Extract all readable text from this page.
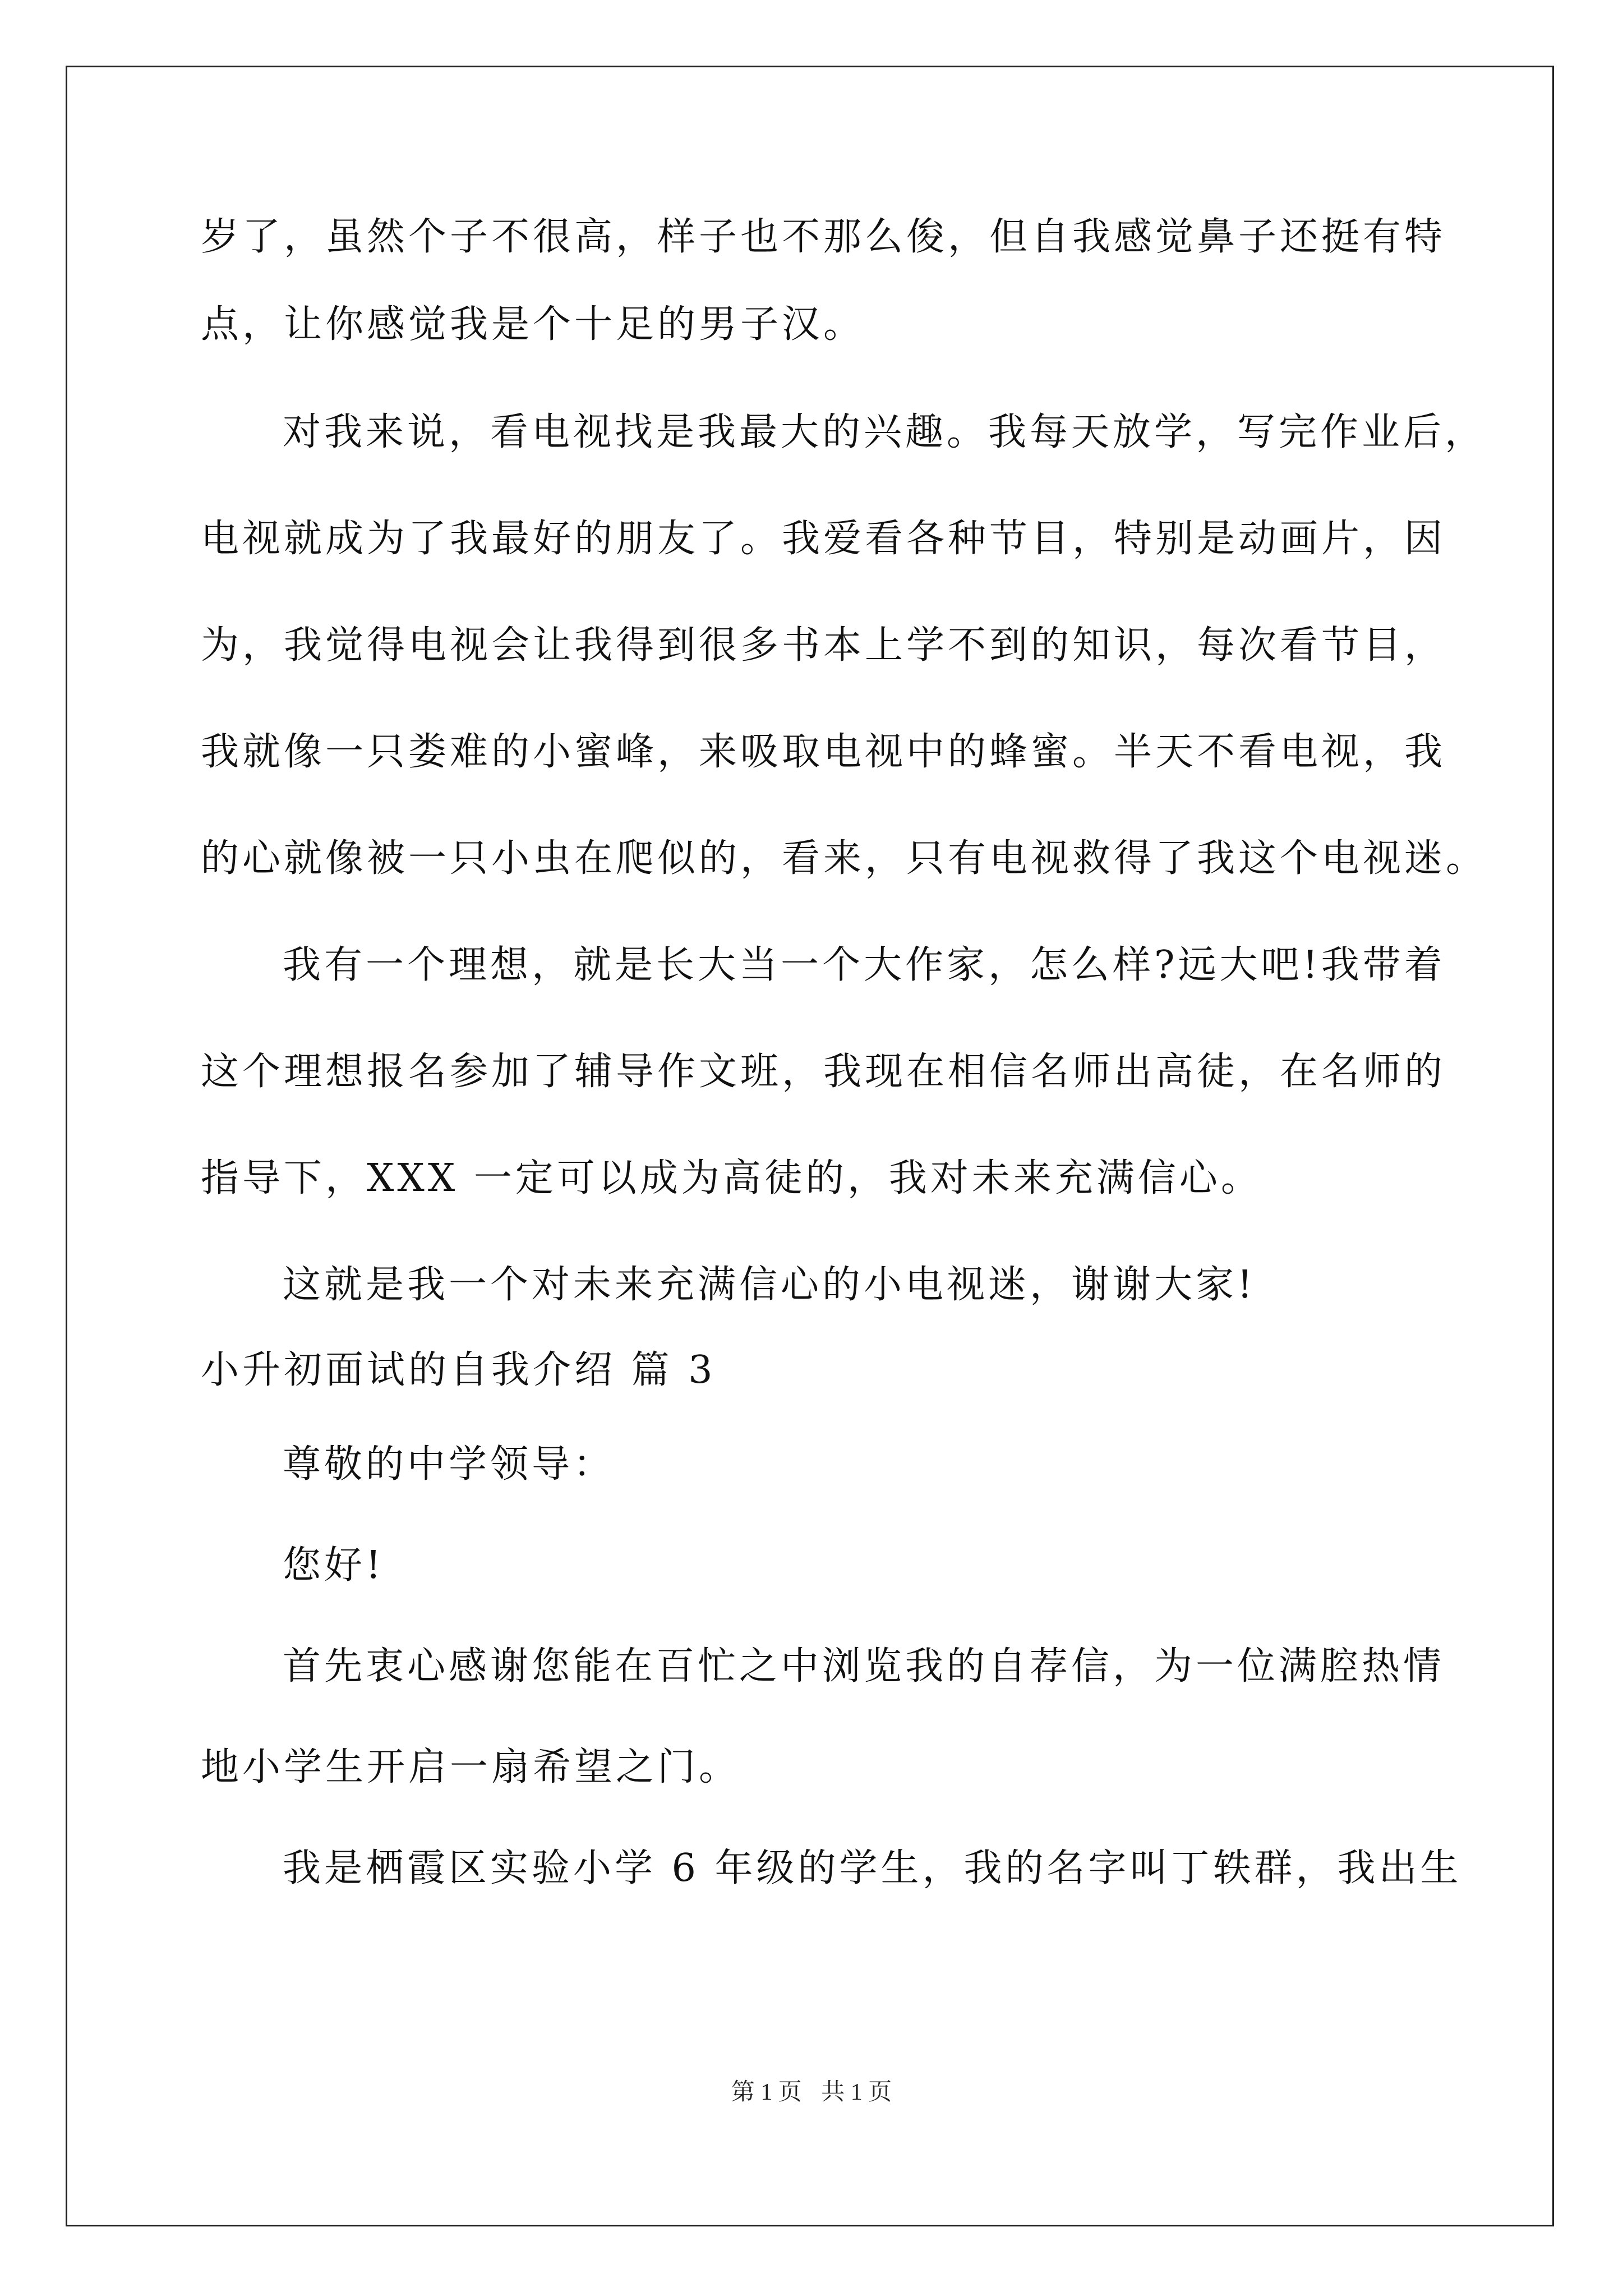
岁了，虽然个子不很高，样子也不那么俊，但自我感觉鼻子还挺有特
点，让你感觉我是个十足的男子汉。
对我来说，看电视找是我最大的兴趣。我每天放学，写完作业后，
电视就成为了我最好的朋友了。我爱看各种节目，特别是动画片，因
为，我觉得电视会让我得到很多书本上学不到的知识，每次看节目，
我就像一只娄难的小蜜峰，来吸取电视中的蜂蜜。半天不看电视，我
的心就像被一只小虫在爬似的，看来，只有电视救得了我这个电视迷。
我有一个理想，就是长大当一个大作家，怎么样?远大吧!我带着
这个理想报名参加了辅导作文班，我现在相信名师出高徒，在名师的
指导下，XXX 一定可以成为高徒的，我对未来充满信心。
这就是我一个对未来充满信心的小电视迷，谢谢大家!
小升初面试的自我介绍 篇 3
尊敬的中学领导：
您好!
首先衷心感谢您能在百忙之中浏览我的自荐信，为一位满腔热情
地小学生开启一扇希望之门。
我是栖霞区实验小学 6 年级的学生，我的名字叫丁轶群，我出生
第 1 页 共 1 页
